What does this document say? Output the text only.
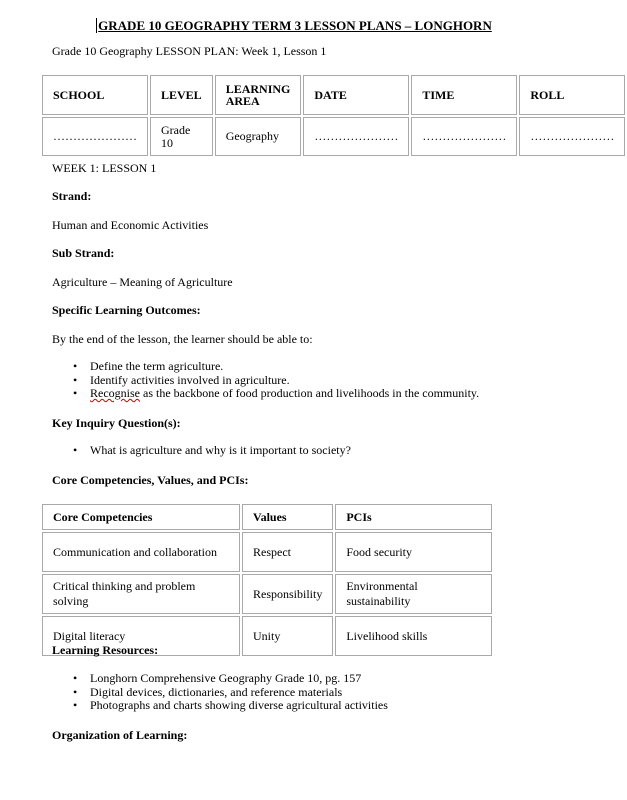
GRADE 10 GEOGRAPHY TERM 3 LESSON PLANS – LONGHORN
Grade 10 Geography LESSON PLAN: Week 1, Lesson 1
SCHOOL	LEVEL	LEARNING AREA	DATE	TIME	ROLL
…………………	Grade 10	Geography	…………………	…………………	…………………
WEEK 1: LESSON 1
Strand:
Human and Economic Activities
Sub Strand:
Agriculture – Meaning of Agriculture
Specific Learning Outcomes:
By the end of the lesson, the learner should be able to:
• Define the term agriculture.
• Identify activities involved in agriculture.
• Recognise as the backbone of food production and livelihoods in the community.
Key Inquiry Question(s):
• What is agriculture and why is it important to society?
Core Competencies, Values, and PCIs:
Core Competencies	Values	PCIs
Communication and collaboration	Respect	Food security
Critical thinking and problem solving	Responsibility	Environmental sustainability
Digital literacy	Unity	Livelihood skills
Learning Resources:
• Longhorn Comprehensive Geography Grade 10, pg. 157
• Digital devices, dictionaries, and reference materials
• Photographs and charts showing diverse agricultural activities
Organization of Learning:
